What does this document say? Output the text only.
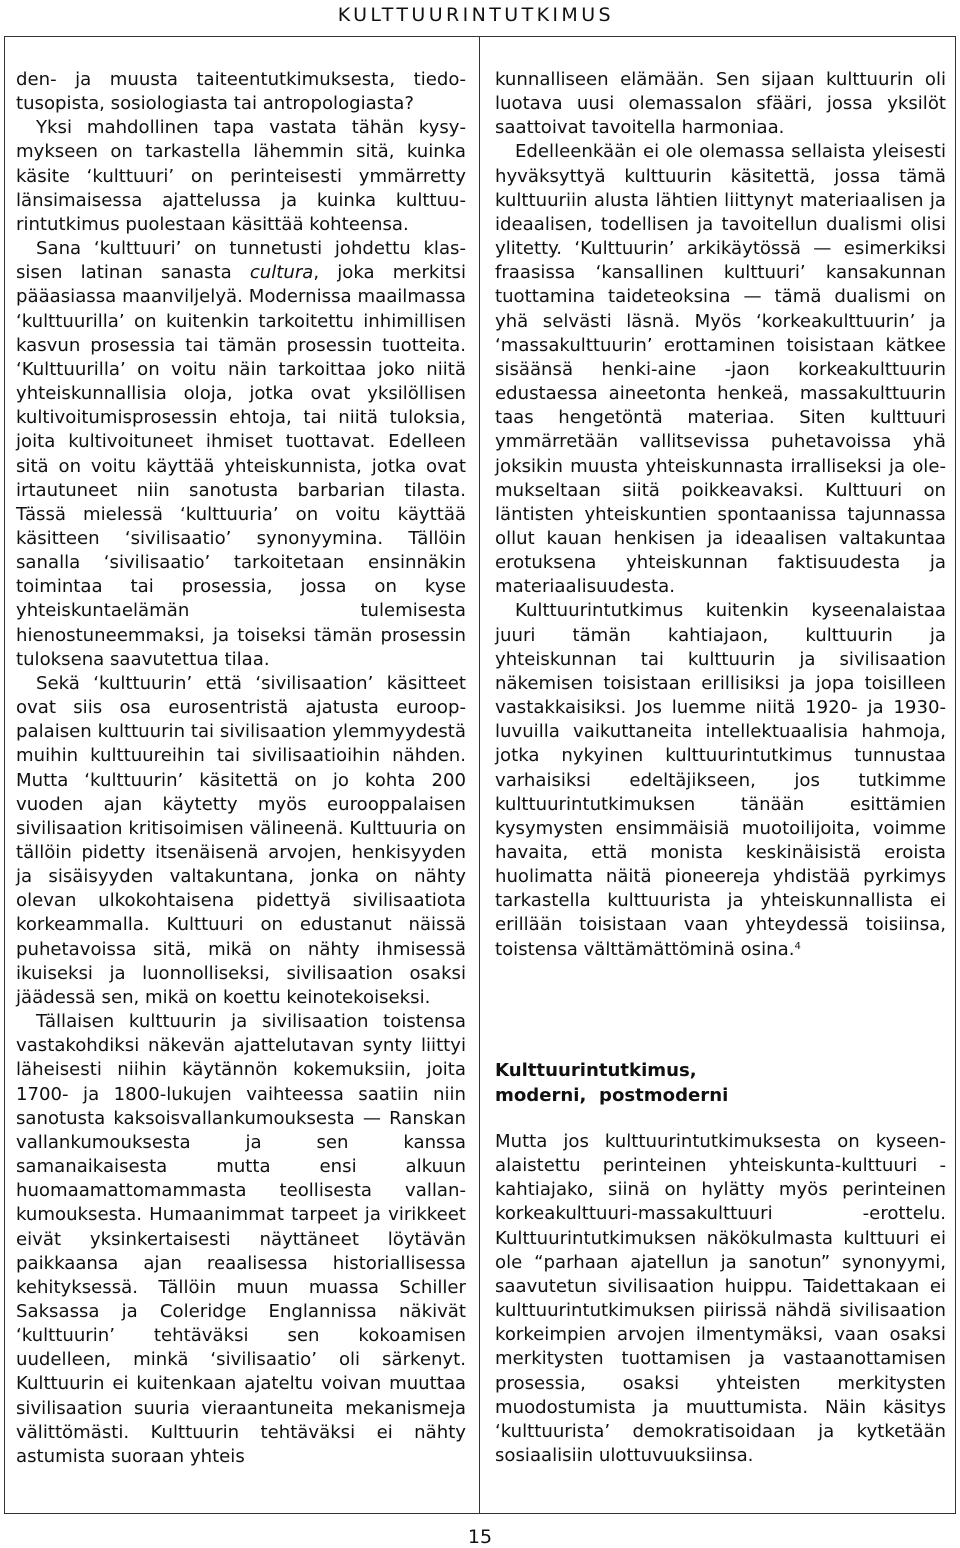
KULTTUURINTUTKIMUS

den- ja muusta taiteentutkimuksesta, tiedotusopista, sosiologiasta tai antropologiasta?

Yksi mahdollinen tapa vastata tähän kysymykseen on tarkastella lähemmin sitä, kuinka käsite ‘kulttuuri’ on perinteisesti ymmärretty länsimaisessa ajattelussa ja kuinka kulttuurintutkimus puolestaan käsittää kohteensa.

Sana ‘kulttuuri’ on tunnetusti johdettu klassisen latinan sanasta cultura, joka merkitsi pääasiassa maanviljelyä. Modernissa maailmassa ‘kulttuurilla’ on kuitenkin tarkoitettu inhimillisen kasvun prosessia tai tämän prosessin tuotteita. ‘Kulttuurilla’ on voitu näin tarkoittaa joko niitä yhteiskunnallisia oloja, jotka ovat yksilöllisen kultivoitumisprosessin ehtoja, tai niitä tuloksia, joita kultivoituneet ihmiset tuottavat. Edelleen sitä on voitu käyttää yhteiskunnista, jotka ovat irtautuneet niin sanotusta barbarian tilasta. Tässä mielessä ‘kulttuuria’ on voitu käyttää käsitteen ‘sivilisaatio’ synonyymina. Tällöin sanalla ‘sivilisaatio’ tarkoitetaan ensinnäkin toimintaa tai prosessia, jossa on kyse yhteiskuntaelämän tulemisesta hienostuneemmaksi, ja toiseksi tämän prosessin tuloksena saavutettua tilaa.

Sekä ‘kulttuurin’ että ‘sivilisaation’ käsitteet ovat siis osa eurosentristä ajatusta eurooppalaisen kulttuurin tai sivilisaation ylemmyydestä muihin kulttuureihin tai sivilisaatioihin nähden. Mutta ‘kulttuurin’ käsitettä on jo kohta 200 vuoden ajan käytetty myös eurooppalaisen sivilisaation kritisoimisen välineenä. Kulttuuria on tällöin pidetty itsenäisenä arvojen, henkisyyden ja sisäisyyden valtakuntana, jonka on nähty olevan ulkokohtaisena pidettyä sivilisaatiota korkeammalla. Kulttuuri on edustanut näissä puhetavoissa sitä, mikä on nähty ihmisessä ikuiseksi ja luonnolliseksi, sivilisaation osaksi jäädessä sen, mikä on koettu keinotekoiseksi.

Tällaisen kulttuurin ja sivilisaation toistensa vastakohdiksi näkevän ajattelutavan synty liittyi läheisesti niihin käytännön kokemuksiin, joita 1700- ja 1800-lukujen vaihteessa saatiin niin sanotusta kaksoisvallankumouksesta — Ranskan vallankumouksesta ja sen kanssa samanaikaisesta mutta ensi alkuun huomaamattomammasta teollisesta vallankumouksesta. Humaanimmat tarpeet ja virikkeet eivät yksinkertaisesti näyttäneet löytävän paikkaansa ajan reaalisessa historiallisessa kehityksessä. Tällöin muun muassa Schiller Saksassa ja Coleridge Englannissa näkivät ‘kulttuurin’ tehtäväksi sen kokoamisen uudelleen, minkä ‘sivilisaatio’ oli särkenyt. Kulttuurin ei kuitenkaan ajateltu voivan muuttaa sivilisaation suuria vieraantuneita mekanismeja välittömästi. Kulttuurin tehtäväksi ei nähty astumista suoraan yhteis

kunnalliseen elämään. Sen sijaan kulttuurin oli luotava uusi olemassalon sfääri, jossa yksilöt saattoivat tavoitella harmoniaa.

Edelleenkään ei ole olemassa sellaista yleisesti hyväksyttyä kulttuurin käsitettä, jossa tämä kulttuuriin alusta lähtien liittynyt materiaalisen ja ideaalisen, todellisen ja tavoitellun dualismi olisi ylitetty. ‘Kulttuurin’ arkikäytössä — esimerkiksi fraasissa ‘kansallinen kulttuuri’ kansakunnan tuottamina taideteoksina — tämä dualismi on yhä selvästi läsnä. Myös ‘korkeakulttuurin’ ja ‘massakulttuurin’ erottaminen toisistaan kätkee sisäänsä henki-aine -jaon korkeakulttuurin edustaessa aineetonta henkeä, massakulttuurin taas hengetöntä materiaa. Siten kulttuuri ymmärretään vallitsevissa puhetavoissa yhä joksikin muusta yhteiskunnasta irralliseksi ja olemukseltaan siitä poikkeavaksi. Kulttuuri on läntisten yhteiskuntien spontaanissa tajunnassa ollut kauan henkisen ja ideaalisen valtakuntaa erotuksena yhteiskunnan faktisuudesta ja materiaalisuudesta.

Kulttuurintutkimus kuitenkin kyseenalaistaa juuri tämän kahtiajaon, kulttuurin ja yhteiskunnan tai kulttuurin ja sivilisaation näkemisen toisistaan erillisiksi ja jopa toisilleen vastakkaisiksi. Jos luemme niitä 1920- ja 1930-luvuilla vaikuttaneita intellektuaalisia hahmoja, jotka nykyinen kulttuurintutkimus tunnustaa varhaisiksi edeltäjikseen, jos tutkimme kulttuurintutkimuksen tänään esittämien kysymysten ensimmäisiä muotoilijoita, voimme havaita, että monista keskinäisistä eroista huolimatta näitä pioneereja yhdistää pyrkimys tarkastella kulttuurista ja yhteiskunnallista ei erillään toisistaan vaan yhteydessä toisiinsa, toistensa välttämättöminä osina.$^4$

Kulttuurintutkimus,
moderni,  postmoderni

Mutta jos kulttuurintutkimuksesta on kyseenalaistettu perinteinen yhteiskunta-kulttuuri -kahtiajako, siinä on hylätty myös perinteinen korkeakulttuuri-massakulttuuri -erottelu. Kulttuurintutkimuksen näkökulmasta kulttuuri ei ole “parhaan ajatellun ja sanotun” synonyymi, saavutetun sivilisaation huippu. Taidettakaan ei kulttuurintutkimuksen piirissä nähdä sivilisaation korkeimpien arvojen ilmentymäksi, vaan osaksi merkitysten tuottamisen ja vastaanottamisen prosessia, osaksi yhteisten merkitysten muodostumista ja muuttumista. Näin käsitys ‘kulttuurista’ demokratisoidaan ja kytketään sosiaalisiin ulottuvuuksiinsa.

15
